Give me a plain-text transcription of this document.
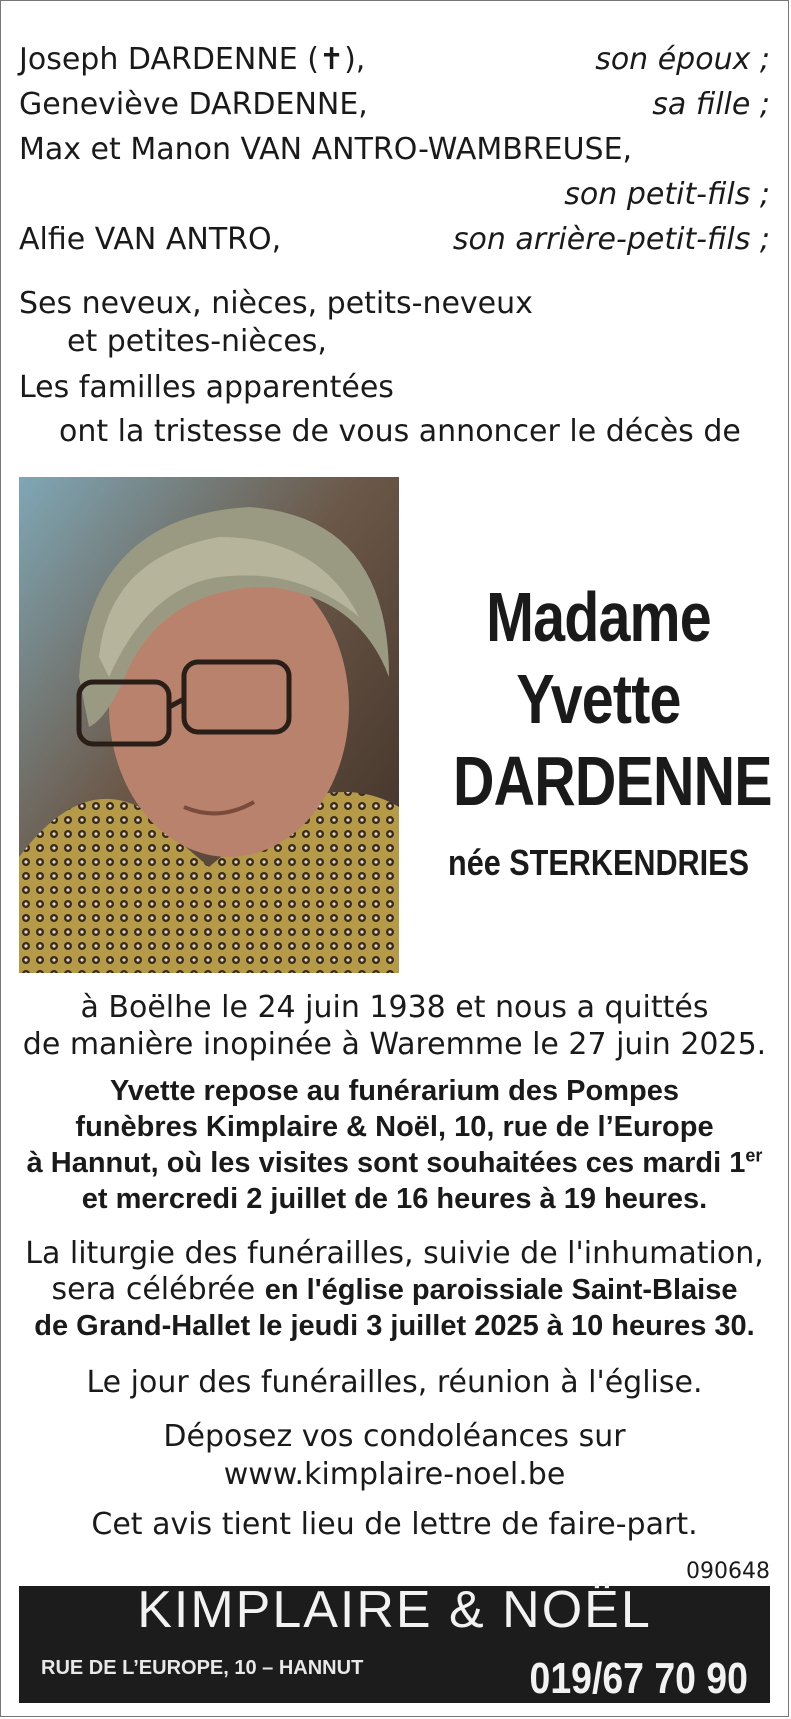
Joseph DARDENNE (✝),	son époux ;
Geneviève DARDENNE,	sa fille ;
Max et Manon VAN ANTRO-WAMBREUSE,
son petit-fils ;
Alfie VAN ANTRO,	son arrière-petit-fils ;
Ses neveux, nièces, petits-neveux
et petites-nièces,
Les familles apparentées
ont la tristesse de vous annoncer le décès de
Madame
Yvette
DARDENNE
née STERKENDRIES
à Boëlhe le 24 juin 1938 et nous a quittés
de manière inopinée à Waremme le 27 juin 2025.
Yvette repose au funérarium des Pompes
funèbres Kimplaire & Noël, 10, rue de l’Europe
à Hannut, où les visites sont souhaitées ces mardi 1er
et mercredi 2 juillet de 16 heures à 19 heures.
La liturgie des funérailles, suivie de l'inhumation,
sera célébrée en l'église paroissiale Saint-Blaise
de Grand-Hallet le jeudi 3 juillet 2025 à 10 heures 30.
Le jour des funérailles, réunion à l'église.
Déposez vos condoléances sur
www.kimplaire-noel.be
Cet avis tient lieu de lettre de faire-part.
090648
KIMPLAIRE & NOËL
RUE DE L’EUROPE, 10 – HANNUT	019/67 70 90
